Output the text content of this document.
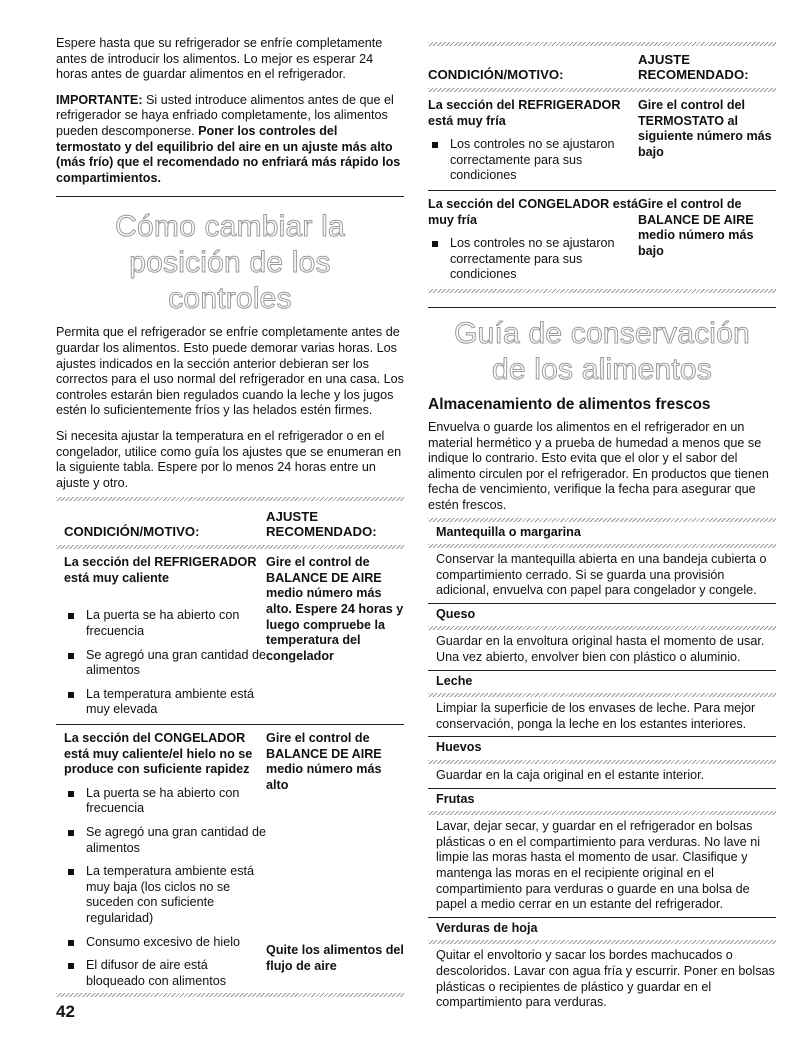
Espere hasta que su refrigerador se enfríe completamente antes de introducir los alimentos. Lo mejor es esperar 24 horas antes de guardar alimentos en el refrigerador.

IMPORTANTE: Si usted introduce alimentos antes de que el refrigerador se haya enfriado completamente, los alimentos pueden descomponerse. Poner los controles del termostato y del equilibrio del aire en un ajuste más alto (más frío) que el recomendado no enfriará más rápido los compartimientos.

Cómo cambiar la posición de los
controles

Permita que el refrigerador se enfríe completamente antes de guardar los alimentos. Esto puede demorar varias horas. Los ajustes indicados en la sección anterior debieran ser los correctos para el uso normal del refrigerador en una casa. Los controles estarán bien regulados cuando la leche y los jugos estén lo suficientemente fríos y las helados estén firmes.

Si necesita ajustar la temperatura en el refrigerador o en el congelador, utilice como guía los ajustes que se enumeran en la siguiente tabla. Espere por lo menos 24 horas entre un ajuste y otro.

CONDICIÓN/MOTIVO:
AJUSTE
RECOMENDADO:
La sección del REFRIGERADOR está muy caliente
La puerta se ha abierto con frecuencia
Se agregó una gran cantidad de alimentos
La temperatura ambiente está muy elevada
Gire el control de BALANCE DE AIRE medio número más alto. Espere 24 horas y luego compruebe la temperatura del congelador
La sección del CONGELADOR está muy caliente/el hielo no se produce con suficiente rapidez
La puerta se ha abierto con frecuencia
Se agregó una gran cantidad de alimentos
La temperatura ambiente está muy baja (los ciclos no se suceden con suficiente regularidad)
Consumo excesivo de hielo
El difusor de aire está bloqueado con alimentos
Gire el control de BALANCE DE AIRE medio número más alto
Quite los alimentos del flujo de aire
CONDICIÓN/MOTIVO:
AJUSTE
RECOMENDADO:
La sección del REFRIGERADOR está muy fría
Los controles no se ajustaron correctamente para sus condiciones
Gire el control del TERMOSTATO al siguiente número más bajo
La sección del CONGELADOR está muy fría
Los controles no se ajustaron correctamente para sus condiciones
Gire el control de BALANCE DE AIRE medio número más bajo
Guía de conservación
de los alimentos
Almacenamiento de alimentos frescos

Envuelva o guarde los alimentos en el refrigerador en un material hermético y a prueba de humedad a menos que se indique lo contrario. Esto evita que el olor y el sabor del alimento circulen por el refrigerador. En productos que tienen fecha de vencimiento, verifique la fecha para asegurar que estén frescos.

Mantequilla o margarina
Conservar la mantequilla abierta en una bandeja cubierta o compartimiento cerrado. Si se guarda una provisión adicional, envuelva con papel para congelador y congele.
Queso
Guardar en la envoltura original hasta el momento de usar. Una vez abierto, envolver bien con plástico o aluminio.
Leche
Limpiar la superficie de los envases de leche. Para mejor conservación, ponga la leche en los estantes interiores.
Huevos
Guardar en la caja original en el estante interior.
Frutas
Lavar, dejar secar, y guardar en el refrigerador en bolsas plásticas o en el compartimiento para verduras. No lave ni limpie las moras hasta el momento de usar. Clasifique y mantenga las moras en el recipiente original en el compartimiento para verduras o guarde en una bolsa de papel a medio cerrar en un estante del refrigerador.
Verduras de hoja
Quitar el envoltorio y sacar los bordes machucados o descoloridos. Lavar con agua fría y escurrir. Poner en bolsas plásticas o recipientes de plástico y guardar en el compartimiento para verduras.
42
